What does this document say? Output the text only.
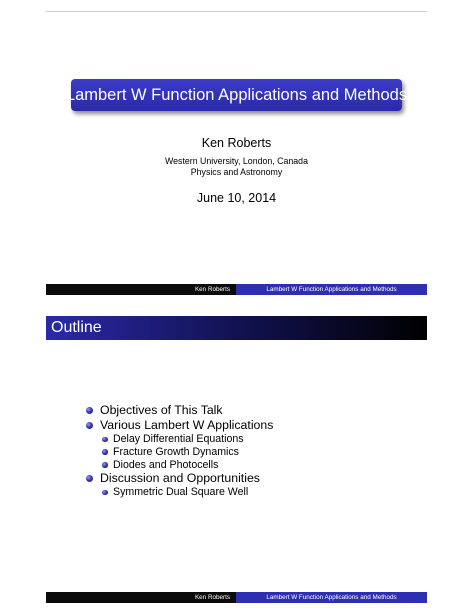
Lambert W Function Applications and Methods
Ken Roberts
Western University, London, Canada
Physics and Astronomy
June 10, 2014
Ken Roberts	Lambert W Function Applications and Methods
Outline
Objectives of This Talk
Various Lambert W Applications
Delay Differential Equations
Fracture Growth Dynamics
Diodes and Photocells
Discussion and Opportunities
Symmetric Dual Square Well
Ken Roberts	Lambert W Function Applications and Methods
